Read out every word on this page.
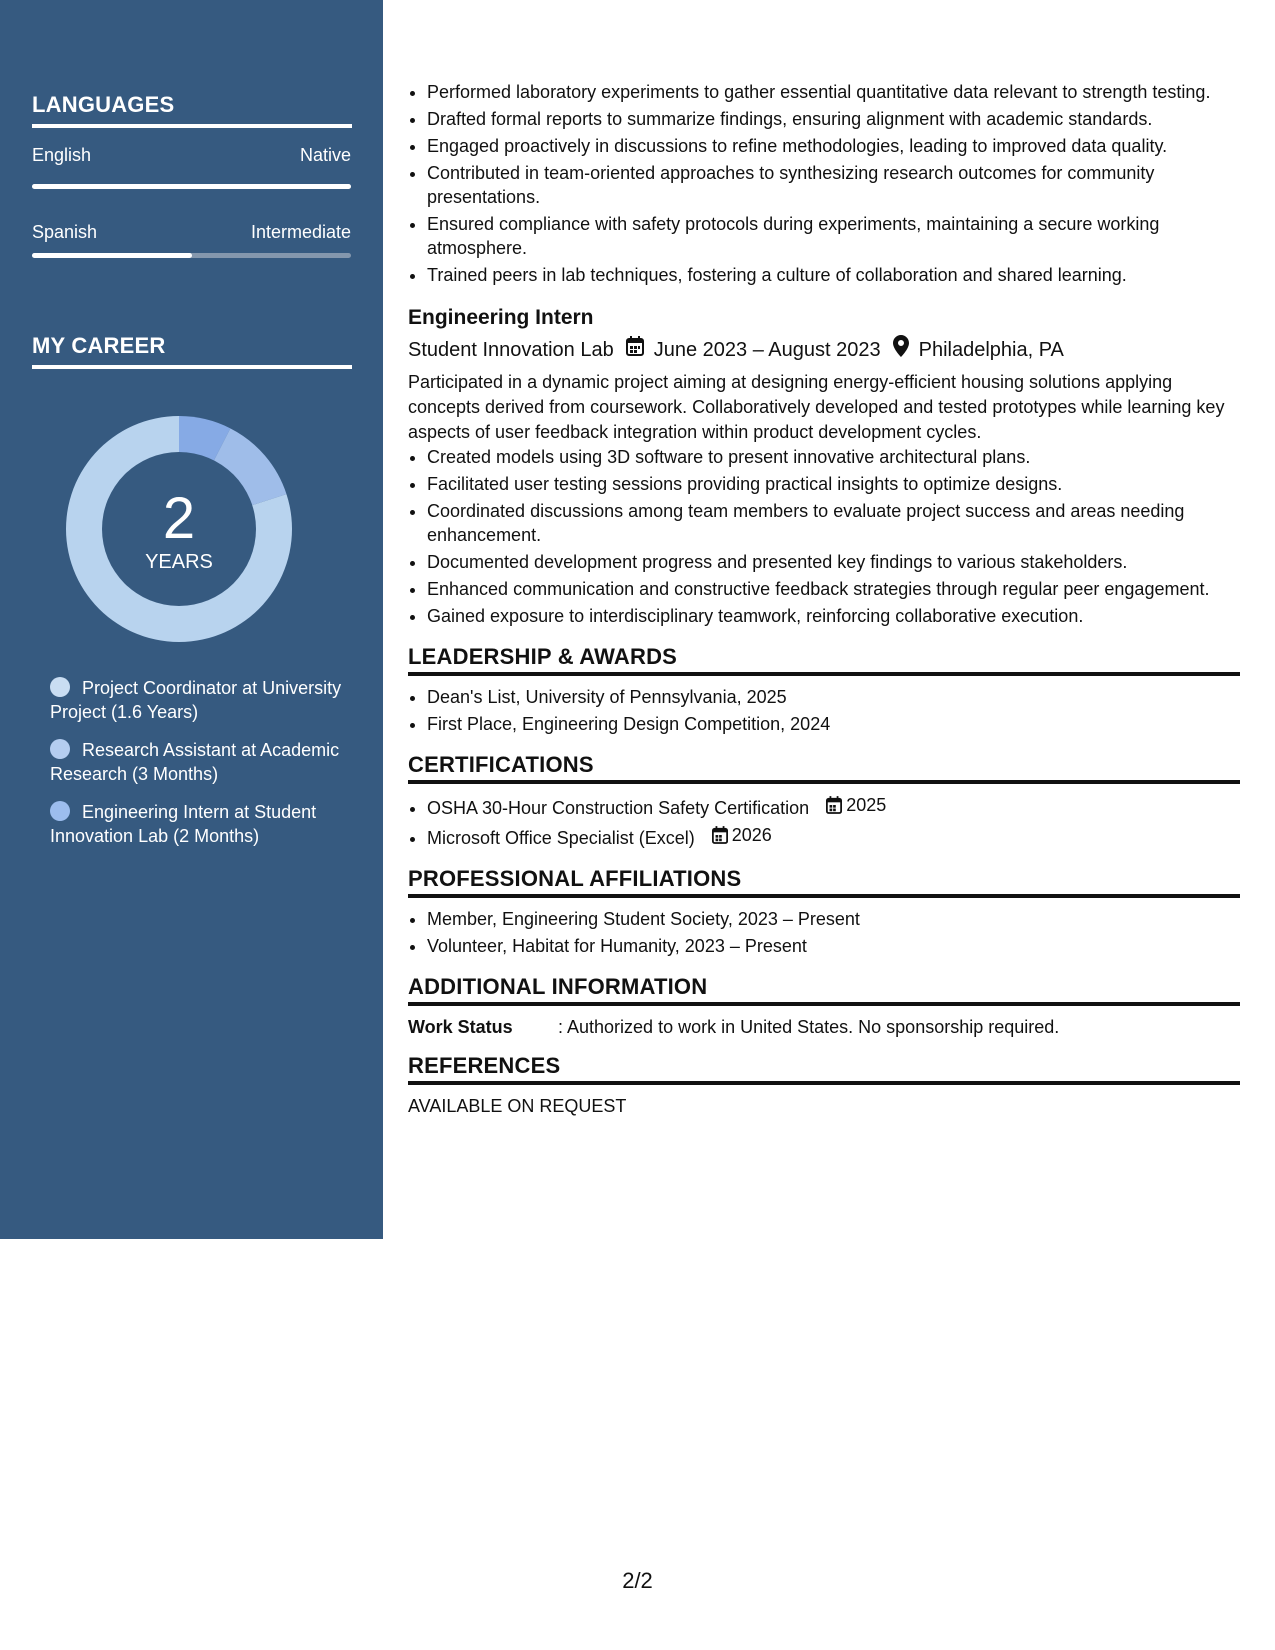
LANGUAGES
English	Native
Spanish	Intermediate
MY CAREER
2
YEARS
Project Coordinator at University Project (1.6 Years)
Research Assistant at Academic Research (3 Months)
Engineering Intern at Student Innovation Lab (2 Months)
• Performed laboratory experiments to gather essential quantitative data relevant to strength testing.
• Drafted formal reports to summarize findings, ensuring alignment with academic standards.
• Engaged proactively in discussions to refine methodologies, leading to improved data quality.
• Contributed in team-oriented approaches to synthesizing research outcomes for community presentations.
• Ensured compliance with safety protocols during experiments, maintaining a secure working atmosphere.
• Trained peers in lab techniques, fostering a culture of collaboration and shared learning.
Engineering Intern
Student Innovation Lab June 2023 – August 2023 Philadelphia, PA

Participated in a dynamic project aiming at designing energy-efficient housing solutions applying concepts derived from coursework. Collaboratively developed and tested prototypes while learning key aspects of user feedback integration within product development cycles.

• Created models using 3D software to present innovative architectural plans.
• Facilitated user testing sessions providing practical insights to optimize designs.
• Coordinated discussions among team members to evaluate project success and areas needing enhancement.
• Documented development progress and presented key findings to various stakeholders.
• Enhanced communication and constructive feedback strategies through regular peer engagement.
• Gained exposure to interdisciplinary teamwork, reinforcing collaborative execution.
LEADERSHIP & AWARDS
• Dean's List, University of Pennsylvania, 2025
• First Place, Engineering Design Competition, 2024
CERTIFICATIONS
• OSHA 30-Hour Construction Safety Certification 2025
• Microsoft Office Specialist (Excel) 2026
PROFESSIONAL AFFILIATIONS
• Member, Engineering Student Society, 2023 – Present
• Volunteer, Habitat for Humanity, 2023 – Present
ADDITIONAL INFORMATION
Work Status	: Authorized to work in United States. No sponsorship required.
REFERENCES
AVAILABLE ON REQUEST
2/2
